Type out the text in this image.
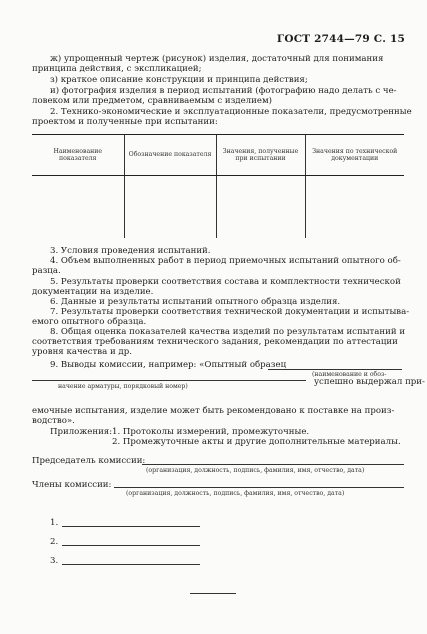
ГОСТ 2744—79 С. 15
ж) упрощенный чертеж (рисунок) изделия, достаточный для понимания
принципа действия, с экспликацией;
з) краткое описание конструкции и принципа действия;
и) фотография изделия в период испытаний (фотографию надо делать с че-
ловеком или предметом, сравниваемым с изделием)
2. Технико-экономические и эксплуатационные показатели, предусмотренные
проектом и полученные при испытании:
Наименование показателя	Обозначение показателя	Значения, полученные при испытании	Значения по технической документации

3. Условия проведения испытаний.
4. Объем выполненных работ в период приемочных испытаний опытного об-
разца.
5. Результаты проверки соответствия состава и комплектности технической
документации на изделие.
6. Данные и результаты испытаний опытного образца изделия.
7. Результаты проверки соответствия технической документации и испытыва-
емого опытного образца.
8. Общая оценка показателей качества изделий по результатам испытаний и
соответствия требованиям технического задания, рекомендации по аттестации
уровня качества и др.
9. Выводы комиссии, например: «Опытный образец
(наименование и обоз-
успешно выдержал при-
начение арматуры, порядковый номер)
емочные испытания, изделие может быть рекомендовано к поставке на произ-
водство».
Приложения: 1. Протоколы измерений, промежуточные.
2. Промежуточные акты и другие дополнительные материалы.
Председатель комиссии:
(организация, должность, подпись, фамилия, имя, отчество, дата)
Члены комиссии:
(организация, должность, подпись, фамилия, имя, отчество, дата)
1.
2.
3.
